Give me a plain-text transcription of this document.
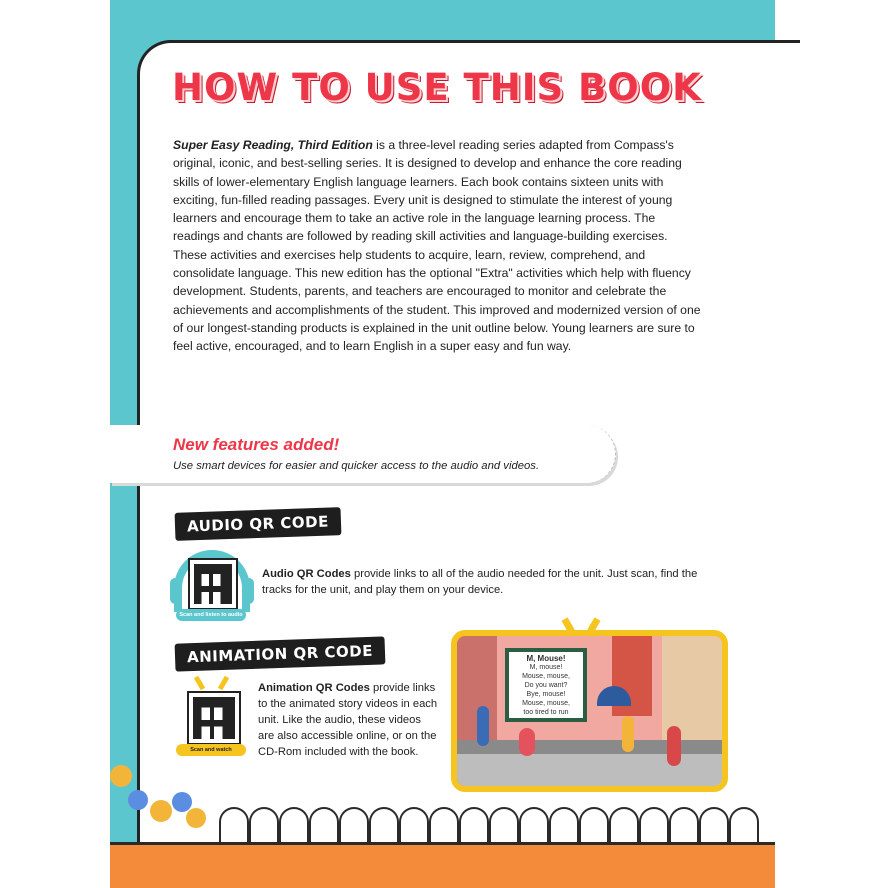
HOW TO USE THIS BOOK

Super Easy Reading, Third Edition is a three-level reading series adapted from Compass's original, iconic, and best-selling series. It is designed to develop and enhance the core reading skills of lower-elementary English language learners. Each book contains sixteen units with exciting, fun-filled reading passages. Every unit is designed to stimulate the interest of young learners and encourage them to take an active role in the language learning process. The readings and chants are followed by reading skill activities and language-building exercises. These activities and exercises help students to acquire, learn, review, comprehend, and consolidate language. This new edition has the optional "Extra" activities which help with fluency development. Students, parents, and teachers are encouraged to monitor and celebrate the achievements and accomplishments of the student. This improved and modernized version of one of our longest-standing products is explained in the unit outline below. Young learners are sure to feel active, encouraged, and to learn English in a super easy and fun way.

New features added!
Use smart devices for easier and quicker access to the audio and videos.
AUDIO QR CODE
Scan and listen to audio

Audio QR Codes provide links to all of the audio needed for the unit. Just scan, find the tracks for the unit, and play them on your device.

ANIMATION QR CODE
Scan and watch

Animation QR Codes provide links to the animated story videos in each unit. Like the audio, these videos are also accessible online, or on the CD-Rom included with the book.

M, Mouse!
M, mouse!
Mouse, mouse,
Do you want?
Bye, mouse!
Mouse, mouse,
too tired to run
